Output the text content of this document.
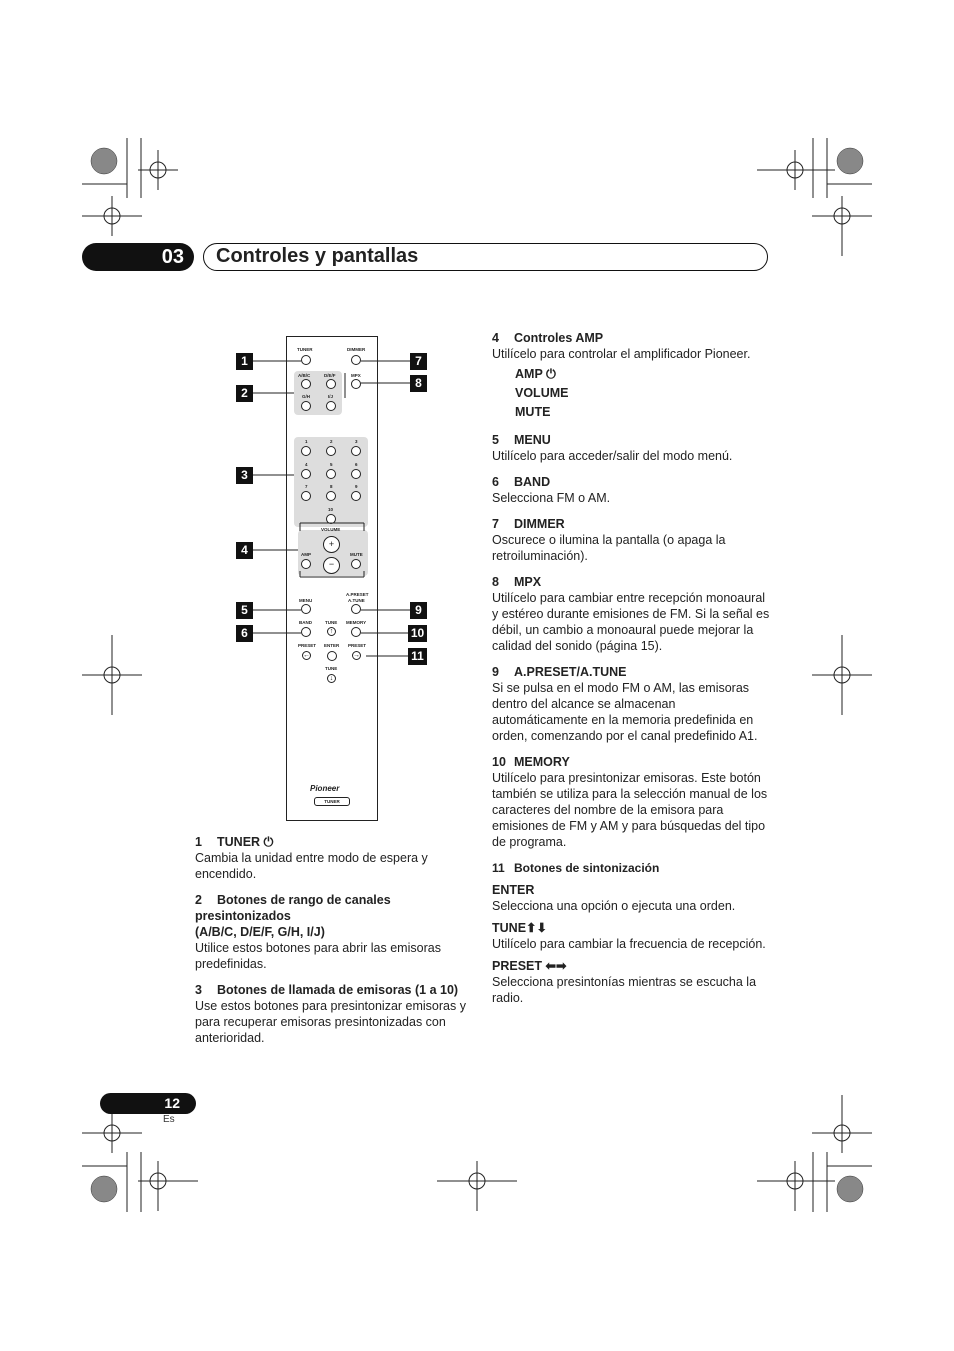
03	Controles y pantallas
TUNER	DIMMER
A/B/C	D/E/F
G/H	I/J
MPX
1	2	3
4	5	6
7	8	9
10
VOLUME
+
−
AMP	MUTE
MENU
A.PRESET
A.TUNE
BAND	MEMORY
TUNE
↑
PRESET
←
ENTER PRESET
→
TUNE
↓
Pioneer
TUNER
1
2
3
4
5
6
7
8
9
10
11
1 TUNER ⏻

Cambia la unidad entre modo de espera y encendido.

2 Botones de rango de canales presintonizados
(A/B/C, D/E/F, G/H, I/J)

Utilice estos botones para abrir las emisoras predefinidas.

3 Botones de llamada de emisoras (1 a 10)

Use estos botones para presintonizar emisoras y para recuperar emisoras presintonizadas con anterioridad.

4 Controles AMP

Utilícelo para controlar el amplificador Pioneer.

AMP ⏻
VOLUME
MUTE
5 MENU

Utilícelo para acceder/salir del modo menú.

6 BAND

Selecciona FM o AM.

7 DIMMER

Oscurece o ilumina la pantalla (o apaga la retroiluminación).

8 MPX

Utilícelo para cambiar entre recepción monoaural y estéreo durante emisiones de FM. Si la señal es débil, un cambio a monoaural puede mejorar la calidad del sonido (página 15).

9 A.PRESET/A.TUNE

Si se pulsa en el modo FM o AM, las emisoras dentro del alcance se almacenan automáticamente en la memoria predefinida en orden, comenzando por el canal predefinido A1.

10 MEMORY

Utilícelo para presintonizar emisoras. Este botón también se utiliza para la selección manual de los caracteres del nombre de la emisora para emisiones de FM y AM y para búsquedas del tipo de programa.

11 Botones de sintonización
ENTER

Selecciona una opción o ejecuta una orden.

TUNE⬆⬇

Utilícelo para cambiar la frecuencia de recepción.

PRESET ⬅➡

Selecciona presintonías mientras se escucha la radio.

12
Es
